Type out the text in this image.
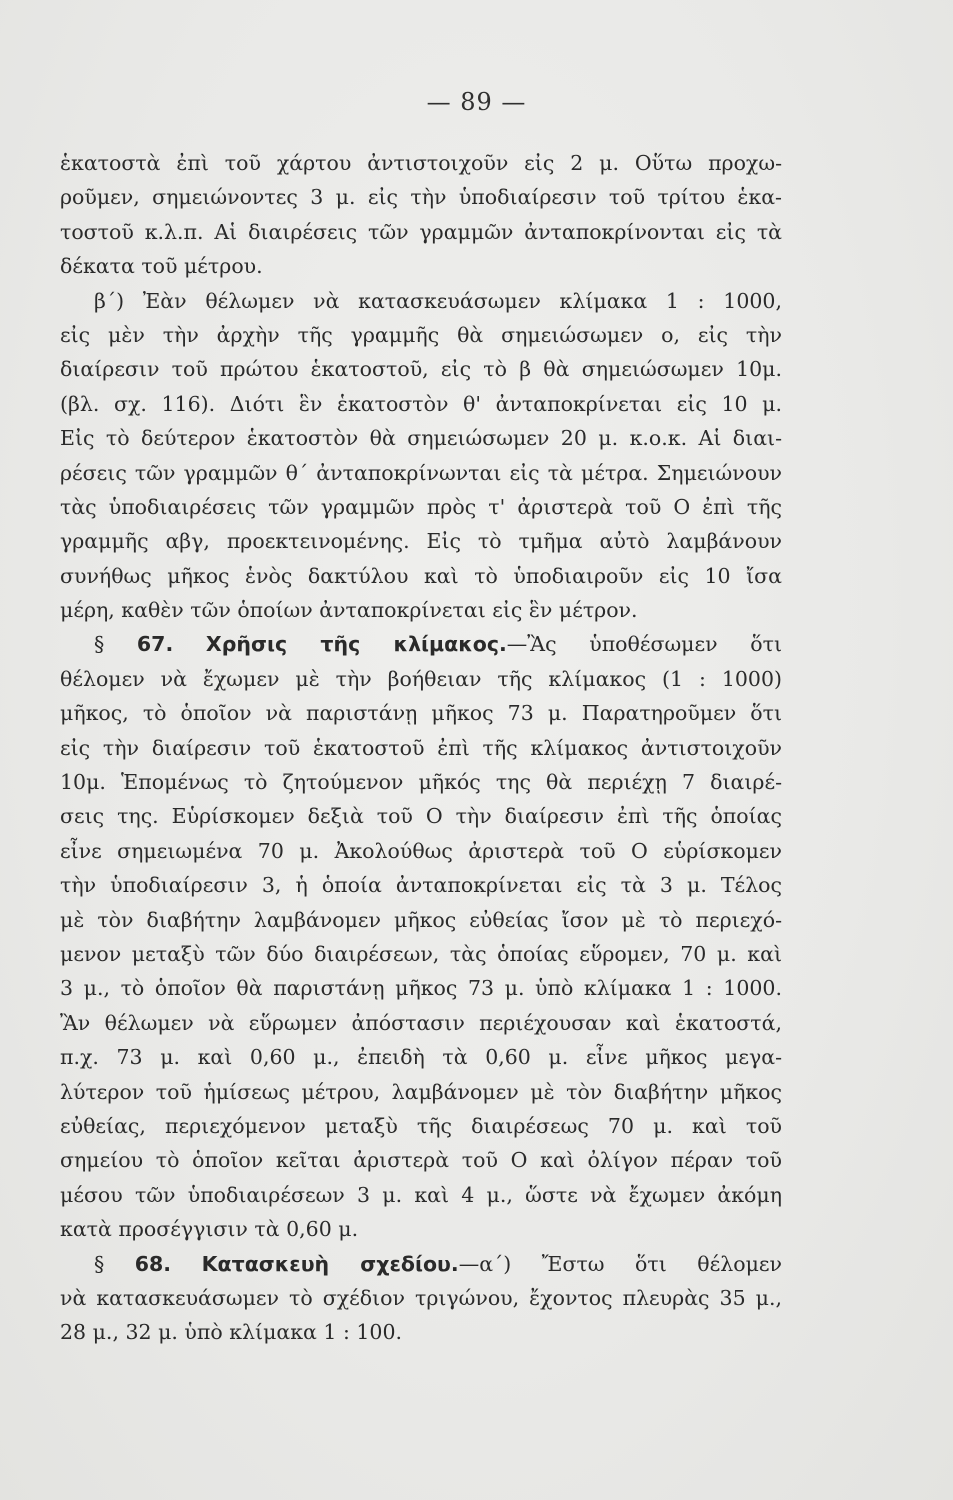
— 89 —
ἑκατοστὰ ἐπὶ τοῦ χάρτου ἀντιστοιχοῦν εἰς 2 μ. Οὕτω προχω-
ροῦμεν, σημειώνοντες 3 μ. εἰς τὴν ὑποδιαίρεσιν τοῦ τρίτου ἑκα-
τοστοῦ κ.λ.π. Αἱ διαιρέσεις τῶν γραμμῶν ἀνταποκρίνονται εἰς τὰ
δέκατα τοῦ μέτρου.
β΄) Ἐὰν θέλωμεν νὰ κατασκευάσωμεν κλίμακα 1 : 1000,
εἰς μὲν τὴν ἀρχὴν τῆς γραμμῆς θὰ σημειώσωμεν ο, εἰς τὴν
διαίρεσιν τοῦ πρώτου ἑκατοστοῦ, εἰς τὸ β θὰ σημειώσωμεν 10μ.
(βλ. σχ. 116). Διότι ἓν ἑκατοστὸν θ' ἀνταποκρίνεται εἰς 10 μ.
Εἰς τὸ δεύτερον ἑκατοστὸν θὰ σημειώσωμεν 20 μ. κ.ο.κ. Αἱ διαι-
ρέσεις τῶν γραμμῶν θ΄ ἀνταποκρίνωνται εἰς τὰ μέτρα. Σημειώνουν
τὰς ὑποδιαιρέσεις τῶν γραμμῶν πρὸς τ' ἀριστερὰ τοῦ Ο ἐπὶ τῆς
γραμμῆς αβγ, προεκτεινομένης. Εἰς τὸ τμῆμα αὐτὸ λαμβάνουν
συνήθως μῆκος ἑνὸς δακτύλου καὶ τὸ ὑποδιαιροῦν εἰς 10 ἴσα
μέρη, καθὲν τῶν ὁποίων ἀνταποκρίνεται εἰς ἓν μέτρον.
§ 67. Χρῆσις τῆς κλίμακος.—Ἂς ὑποθέσωμεν ὅτι
θέλομεν νὰ ἔχωμεν μὲ τὴν βοήθειαν τῆς κλίμακος (1 : 1000)
μῆκος, τὸ ὁποῖον νὰ παριστάνῃ μῆκος 73 μ. Παρατηροῦμεν ὅτι
εἰς τὴν διαίρεσιν τοῦ ἑκατοστοῦ ἐπὶ τῆς κλίμακος ἀντιστοιχοῦν
10μ. Ἑπομένως τὸ ζητούμενον μῆκός της θὰ περιέχῃ 7 διαιρέ-
σεις της. Εὑρίσκομεν δεξιὰ τοῦ Ο τὴν διαίρεσιν ἐπὶ τῆς ὁποίας
εἶνε σημειωμένα 70 μ. Ἀκολούθως ἀριστερὰ τοῦ Ο εὑρίσκομεν
τὴν ὑποδιαίρεσιν 3, ἡ ὁποία ἀνταποκρίνεται εἰς τὰ 3 μ. Τέλος
μὲ τὸν διαβήτην λαμβάνομεν μῆκος εὐθείας ἴσον μὲ τὸ περιεχό-
μενον μεταξὺ τῶν δύο διαιρέσεων, τὰς ὁποίας εὕρομεν, 70 μ. καὶ
3 μ., τὸ ὁποῖον θὰ παριστάνῃ μῆκος 73 μ. ὑπὸ κλίμακα 1 : 1000.
Ἂν θέλωμεν νὰ εὕρωμεν ἀπόστασιν περιέχουσαν καὶ ἑκατοστά,
π.χ. 73 μ. καὶ 0,60 μ., ἐπειδὴ τὰ 0,60 μ. εἶνε μῆκος μεγα-
λύτερον τοῦ ἡμίσεως μέτρου, λαμβάνομεν μὲ τὸν διαβήτην μῆκος
εὐθείας, περιεχόμενον μεταξὺ τῆς διαιρέσεως 70 μ. καὶ τοῦ
σημείου τὸ ὁποῖον κεῖται ἀριστερὰ τοῦ Ο καὶ ὀλίγον πέραν τοῦ
μέσου τῶν ὑποδιαιρέσεων 3 μ. καὶ 4 μ., ὥστε νὰ ἔχωμεν ἀκόμη
κατὰ προσέγγισιν τὰ 0,60 μ.
§ 68. Κατασκευὴ σχεδίου.—α΄) Ἔστω ὅτι θέλομεν
νὰ κατασκευάσωμεν τὸ σχέδιον τριγώνου, ἔχοντος πλευρὰς 35 μ.,
28 μ., 32 μ. ὑπὸ κλίμακα 1 : 100.
